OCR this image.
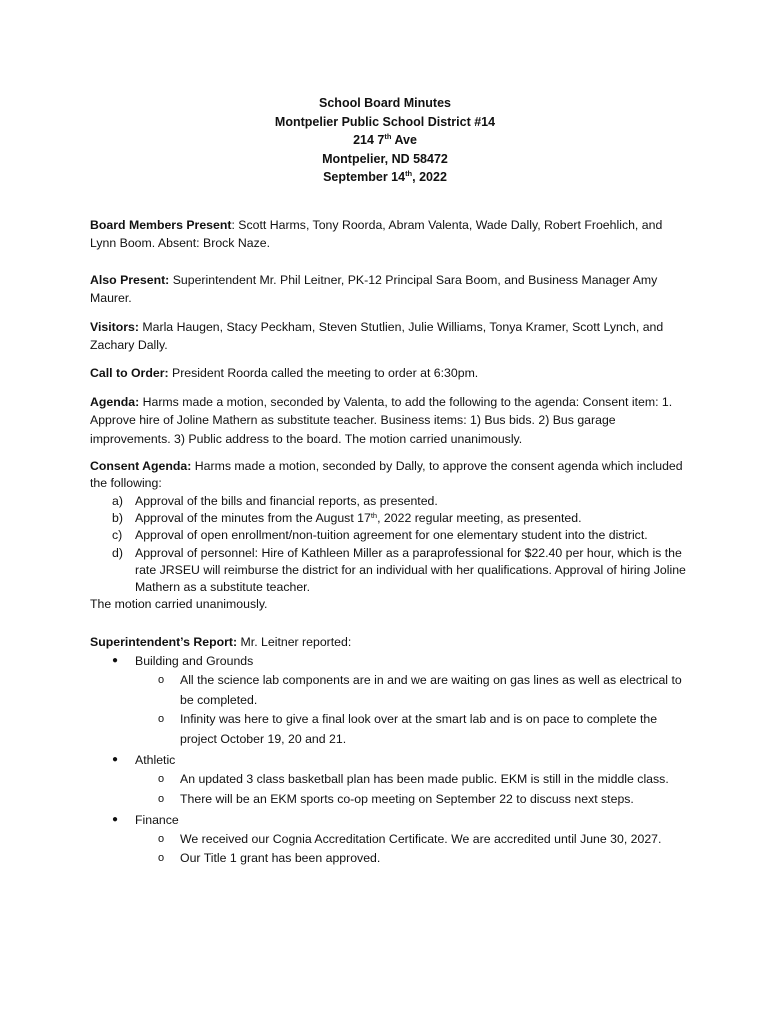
School Board Minutes
Montpelier Public School District #14
214 7th Ave
Montpelier, ND 58472
September 14th, 2022

Board Members Present: Scott Harms, Tony Roorda, Abram Valenta, Wade Dally, Robert Froehlich, and Lynn Boom. Absent: Brock Naze.

Also Present: Superintendent Mr. Phil Leitner, PK-12 Principal Sara Boom, and Business Manager Amy Maurer.

Visitors: Marla Haugen, Stacy Peckham, Steven Stutlien, Julie Williams, Tonya Kramer, Scott Lynch, and Zachary Dally.

Call to Order: President Roorda called the meeting to order at 6:30pm.

Agenda: Harms made a motion, seconded by Valenta, to add the following to the agenda: Consent item: 1. Approve hire of Joline Mathern as substitute teacher. Business items: 1) Bus bids. 2) Bus garage improvements. 3) Public address to the board. The motion carried unanimously.

Consent Agenda: Harms made a motion, seconded by Dally, to approve the consent agenda which included the following:

a) Approval of the bills and financial reports, as presented.
b) Approval of the minutes from the August 17th, 2022 regular meeting, as presented.
c) Approval of open enrollment/non-tuition agreement for one elementary student into the district.
d) Approval of personnel: Hire of Kathleen Miller as a paraprofessional for $22.40 per hour, which is the rate JRSEU will reimburse the district for an individual with her qualifications. Approval of hiring Joline Mathern as a substitute teacher.

The motion carried unanimously.

Superintendent’s Report: Mr. Leitner reported:

● Building and Grounds
o All the science lab components are in and we are waiting on gas lines as well as electrical to be completed.
o Infinity was here to give a final look over at the smart lab and is on pace to complete the project October 19, 20 and 21.
● Athletic
o An updated 3 class basketball plan has been made public. EKM is still in the middle class.
o There will be an EKM sports co-op meeting on September 22 to discuss next steps.
● Finance
o We received our Cognia Accreditation Certificate. We are accredited until June 30, 2027.
o Our Title 1 grant has been approved.
